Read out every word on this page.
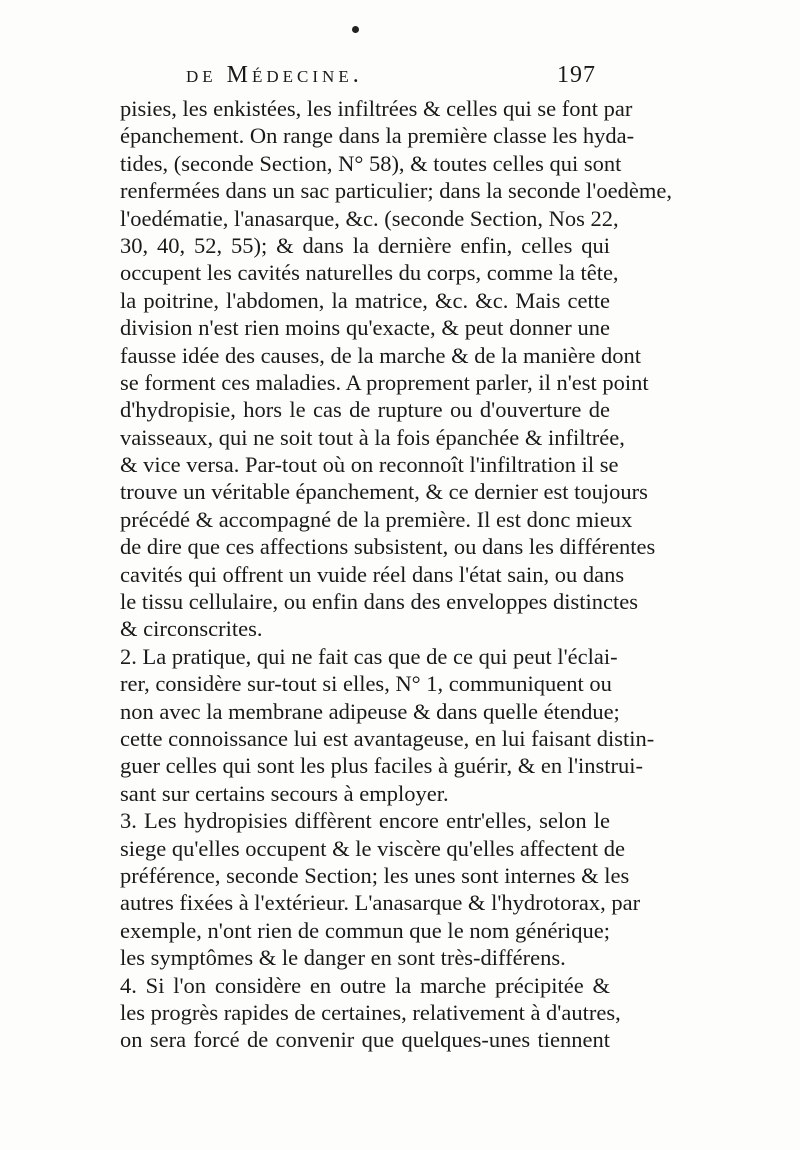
de Médecine.	197
pisies, les enkistées, les infiltrées & celles qui se font par
épanchement. On range dans la première classe les hyda-
tides, (seconde Section, N° 58), & toutes celles qui sont
renfermées dans un sac particulier; dans la seconde l'oedème,
l'oedématie, l'anasarque, &c. (seconde Section, Nos 22,
30, 40, 52, 55); & dans la dernière enfin, celles qui
occupent les cavités naturelles du corps, comme la tête,
la poitrine, l'abdomen, la matrice, &c. &c. Mais cette
division n'est rien moins qu'exacte, & peut donner une
fausse idée des causes, de la marche & de la manière dont
se forment ces maladies. A proprement parler, il n'est point
d'hydropisie, hors le cas de rupture ou d'ouverture de
vaisseaux, qui ne soit tout à la fois épanchée & infiltrée,
& vice versa. Par-tout où on reconnoît l'infiltration il se
trouve un véritable épanchement, & ce dernier est toujours
précédé & accompagné de la première. Il est donc mieux
de dire que ces affections subsistent, ou dans les différentes
cavités qui offrent un vuide réel dans l'état sain, ou dans
le tissu cellulaire, ou enfin dans des enveloppes distinctes
& circonscrites.
2. La pratique, qui ne fait cas que de ce qui peut l'éclai-
rer, considère sur-tout si elles, N° 1, communiquent ou
non avec la membrane adipeuse & dans quelle étendue;
cette connoissance lui est avantageuse, en lui faisant distin-
guer celles qui sont les plus faciles à guérir, & en l'instrui-
sant sur certains secours à employer.
3. Les hydropisies diffèrent encore entr'elles, selon le
siege qu'elles occupent & le viscère qu'elles affectent de
préférence, seconde Section; les unes sont internes & les
autres fixées à l'extérieur. L'anasarque & l'hydrotorax, par
exemple, n'ont rien de commun que le nom générique;
les symptômes & le danger en sont très-différens.
4. Si l'on considère en outre la marche précipitée &
les progrès rapides de certaines, relativement à d'autres,
on sera forcé de convenir que quelques-unes tiennent
